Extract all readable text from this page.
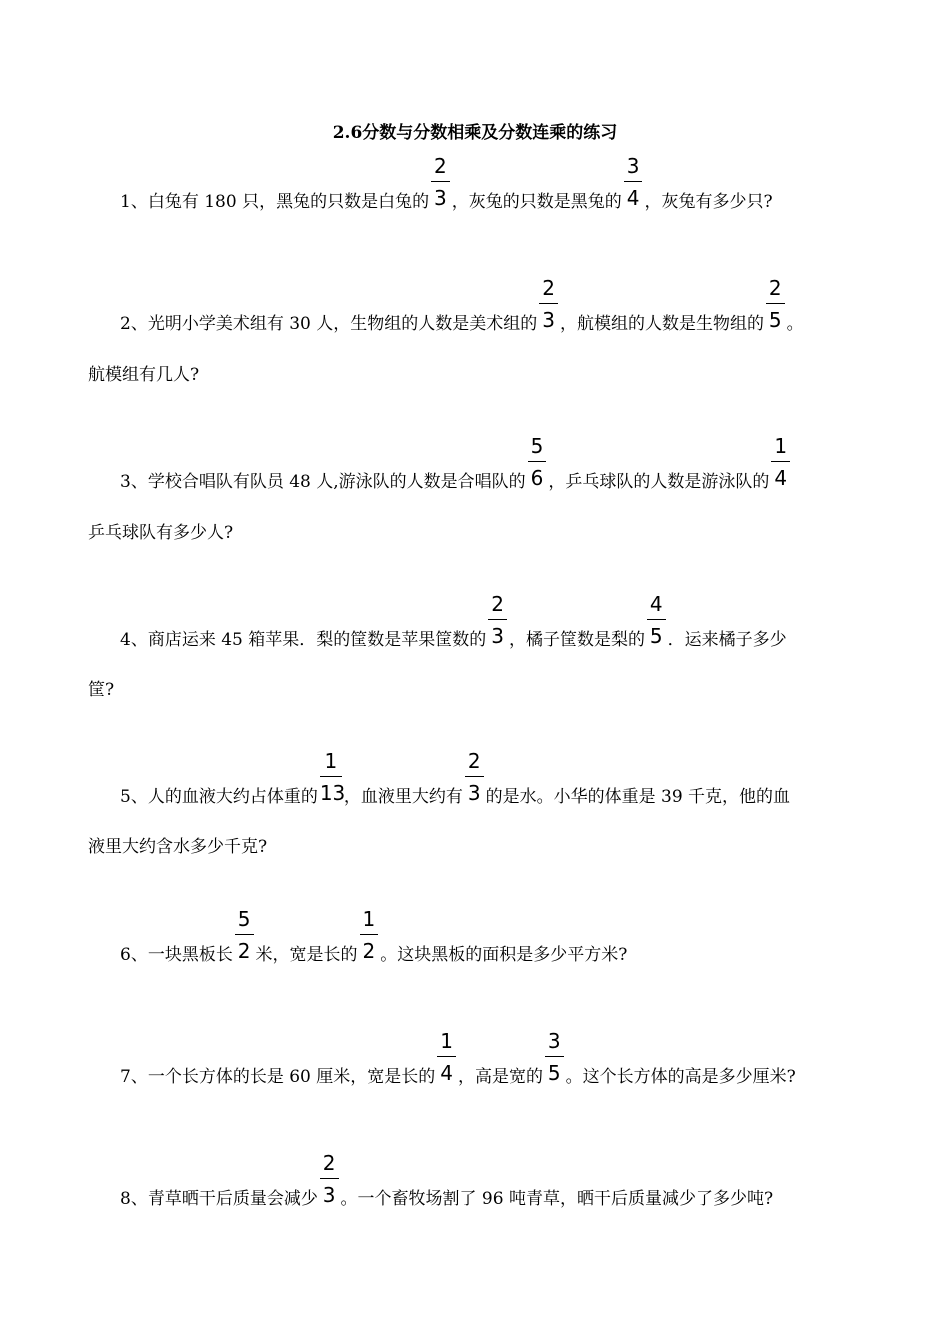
2.6分数与分数相乘及分数连乘的练习
1、白兔有 180 只，黑兔的只数是白兔的 $\frac{2}{3}$ ，灰兔的只数是黑兔的 $\frac{3}{4}$ ，灰兔有多少只?
2、光明小学美术组有 30 人，生物组的人数是美术组的 $\frac{2}{3}$ ，航模组的人数是生物组的 $\frac{2}{5}$ 。
航模组有几人?
3、学校合唱队有队员 48 人,游泳队的人数是合唱队的 $\frac{5}{6}$ ，乒乓球队的人数是游泳队的 $\frac{1}{4}$
乒乓球队有多少人?
4、商店运来 45 箱苹果．梨的筐数是苹果筐数的 $\frac{2}{3}$ ，橘子筐数是梨的 $\frac{4}{5}$ ．运来橘子多少
筐?
5、人的血液大约占体重的 $\frac{1}{13}$ ，血液里大约有 $\frac{2}{3}$ 的是水。小华的体重是 39 千克，他的血
液里大约含水多少千克?
6、一块黑板长 $\frac{5}{2}$ 米，宽是长的 $\frac{1}{2}$ 。这块黑板的面积是多少平方米?
7、一个长方体的长是 60 厘米，宽是长的 $\frac{1}{4}$ ，高是宽的 $\frac{3}{5}$ 。这个长方体的高是多少厘米?
8、青草晒干后质量会减少 $\frac{2}{3}$ 。一个畜牧场割了 96 吨青草，晒干后质量减少了多少吨?
